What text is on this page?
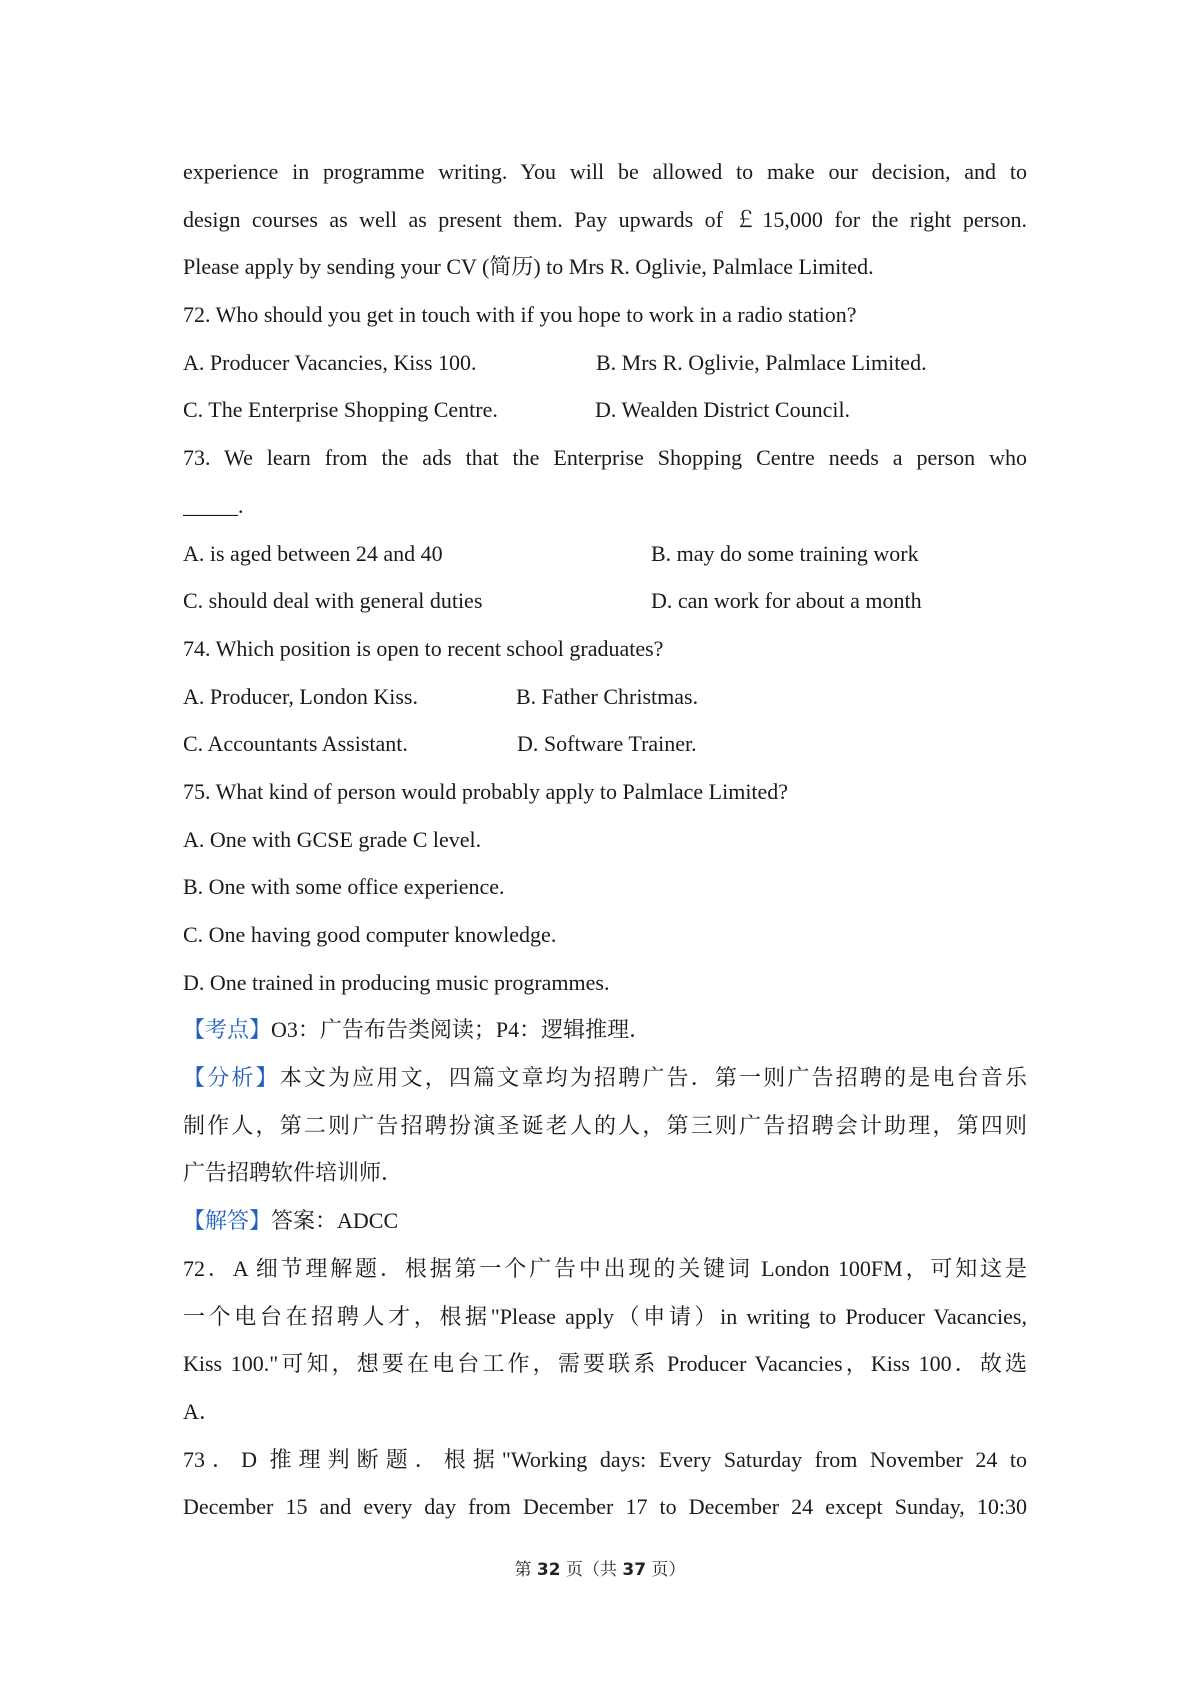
experience in programme writing. You will be allowed to make our decision, and to
design courses as well as present them. Pay upwards of ￡15,000 for the right person.
Please apply by sending your CV (简历) to Mrs R. Oglivie, Palmlace Limited.
72. Who should you get in touch with if you hope to work in a radio station?
A. Producer Vacancies, Kiss 100.	B. Mrs R. Oglivie, Palmlace Limited.
C. The Enterprise Shopping Centre.	D. Wealden District Council.
73. We learn from the ads that the Enterprise Shopping Centre needs a person who
_____.
A. is aged between 24 and 40	B. may do some training work
C. should deal with general duties	D. can work for about a month
74. Which position is open to recent school graduates?
A. Producer, London Kiss.	B. Father Christmas.
C. Accountants Assistant.	D. Software Trainer.
75. What kind of person would probably apply to Palmlace Limited?
A. One with GCSE grade C level.
B. One with some office experience.
C. One having good computer knowledge.
D. One trained in producing music programmes.
【考点】O3：广告布告类阅读；P4：逻辑推理．
【分析】本文为应用文，四篇文章均为招聘广告．第一则广告招聘的是电台音乐
制作人，第二则广告招聘扮演圣诞老人的人，第三则广告招聘会计助理，第四则
广告招聘软件培训师．
【解答】答案：ADCC
72．A 细节理解题．根据第一个广告中出现的关键词 London 100FM，可知这是
一个电台在招聘人才，根据"Please apply（申请）in writing to Producer Vacancies,
Kiss 100."可知，想要在电台工作，需要联系 Producer Vacancies，Kiss 100．故选
A．
73．D 推理判断题．根据"Working days: Every Saturday from November 24 to
December 15 and every day from December 17 to December 24 except Sunday, 10:30
第 32 页（共 37 页）
